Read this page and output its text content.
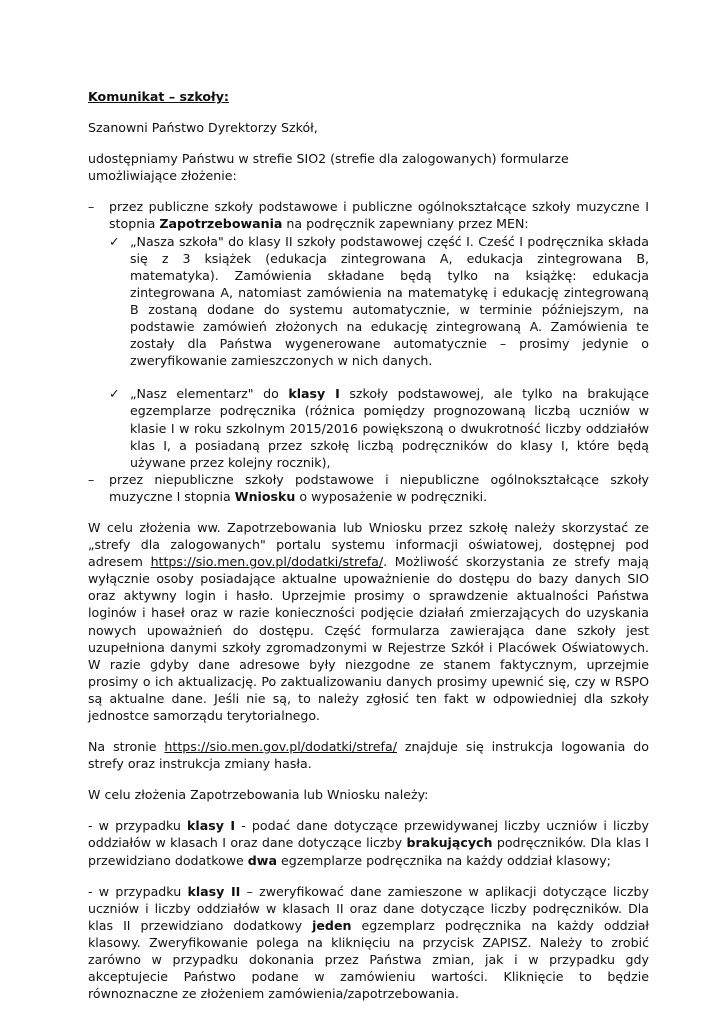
Komunikat – szkoły:

Szanowni Państwo Dyrektorzy Szkół,

udostępniamy Państwu w strefie SIO2 (strefie dla zalogowanych) formularze umożliwiające złożenie:

– przez publiczne szkoły podstawowe i publiczne ogólnokształcące szkoły muzyczne I stopnia Zapotrzebowania na podręcznik zapewniany przez MEN:
✓ „Nasza szkoła" do klasy II szkoły podstawowej część I. Cześć I podręcznika składa się z 3 książek (edukacja zintegrowana A, edukacja zintegrowana B, matematyka). Zamówienia składane będą tylko na książkę: edukacja zintegrowana A, natomiast zamówienia na matematykę i edukację zintegrowaną B zostaną dodane do systemu automatycznie, w terminie późniejszym, na podstawie zamówień złożonych na edukację zintegrowaną A. Zamówienia te zostały dla Państwa wygenerowane automatycznie – prosimy jedynie o zweryfikowanie zamieszczonych w nich danych.
✓ „Nasz elementarz" do klasy I szkoły podstawowej, ale tylko na brakujące egzemplarze podręcznika (różnica pomiędzy prognozowaną liczbą uczniów w klasie I w roku szkolnym 2015/2016 powiększoną o dwukrotność liczby oddziałów klas I, a posiadaną przez szkołę liczbą podręczników do klasy I, które będą używane przez kolejny rocznik),
– przez niepubliczne szkoły podstawowe i niepubliczne ogólnokształcące szkoły muzyczne I stopnia Wniosku o wyposażenie w podręczniki.

W celu złożenia ww. Zapotrzebowania lub Wniosku przez szkołę należy skorzystać ze „strefy dla zalogowanych" portalu systemu informacji oświatowej, dostępnej pod adresem https://sio.men.gov.pl/dodatki/strefa/. Możliwość skorzystania ze strefy mają wyłącznie osoby posiadające aktualne upoważnienie do dostępu do bazy danych SIO oraz aktywny login i hasło. Uprzejmie prosimy o sprawdzenie aktualności Państwa loginów i haseł oraz w razie konieczności podjęcie działań zmierzających do uzyskania nowych upoważnień do dostępu. Część formularza zawierająca dane szkoły jest uzupełniona danymi szkoły zgromadzonymi w Rejestrze Szkół i Placówek Oświatowych. W razie gdyby dane adresowe były niezgodne ze stanem faktycznym, uprzejmie prosimy o ich aktualizację. Po zaktualizowaniu danych prosimy upewnić się, czy w RSPO są aktualne dane. Jeśli nie są, to należy zgłosić ten fakt w odpowiedniej dla szkoły jednostce samorządu terytorialnego.

Na stronie https://sio.men.gov.pl/dodatki/strefa/ znajduje się instrukcja logowania do strefy oraz instrukcja zmiany hasła.

W celu złożenia Zapotrzebowania lub Wniosku należy:

- w przypadku klasy I - podać dane dotyczące przewidywanej liczby uczniów i liczby oddziałów w klasach I oraz dane dotyczące liczby brakujących podręczników. Dla klas I przewidziano dodatkowe dwa egzemplarze podręcznika na każdy oddział klasowy;

- w przypadku klasy II – zweryfikować dane zamieszone w aplikacji dotyczące liczby uczniów i liczby oddziałów w klasach II oraz dane dotyczące liczby podręczników. Dla klas II przewidziano dodatkowy jeden egzemplarz podręcznika na każdy oddział klasowy. Zweryfikowanie polega na kliknięciu na przycisk ZAPISZ. Należy to zrobić zarówno w przypadku dokonania przez Państwa zmian, jak i w przypadku gdy akceptujecie Państwo podane w zamówieniu wartości. Kliknięcie to będzie równoznaczne ze złożeniem zamówienia/zapotrzebowania.
